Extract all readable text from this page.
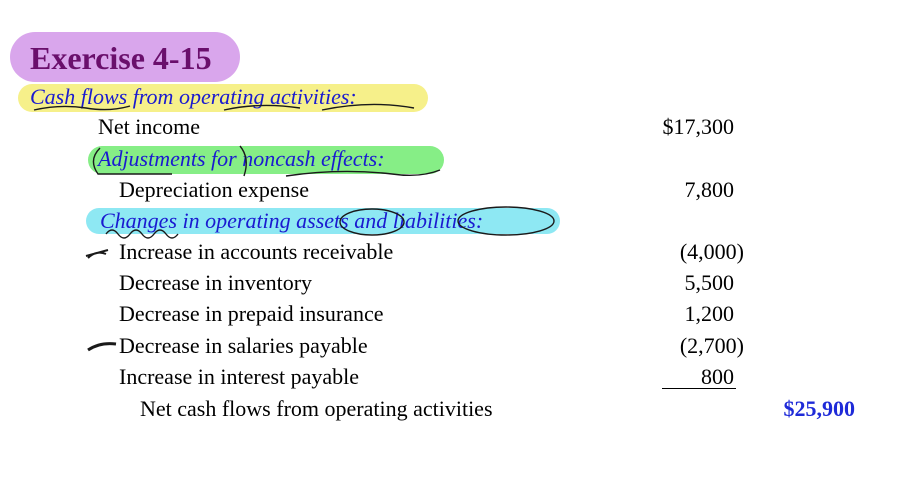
Exercise 4-15
Cash flows from operating activities:
Net income	$17,300
Adjustments for noncash effects:
Depreciation expense	7,800
Changes in operating assets and liabilities:
Increase in accounts receivable	(4,000)
Decrease in inventory	5,500
Decrease in prepaid insurance	1,200
Decrease in salaries payable	(2,700)
Increase in interest payable	800
Net cash flows from operating activities	$25,900
